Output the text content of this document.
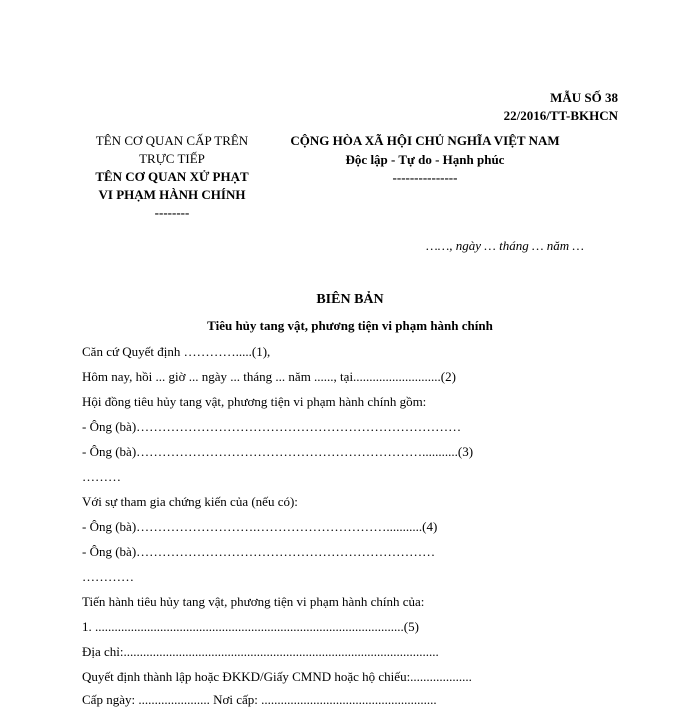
MẪU SỐ 38
22/2016/TT-BKHCN
TÊN CƠ QUAN CẤP TRÊN
TRỰC TIẾP
TÊN CƠ QUAN XỬ PHẠT
VI PHẠM HÀNH CHÍNH
--------
CỘNG HÒA XÃ HỘI CHỦ NGHĨA VIỆT NAM
Độc lập - Tự do - Hạnh phúc
---------------
……, ngày … tháng … năm …
BIÊN BẢN
Tiêu hủy tang vật, phương tiện vi phạm hành chính
Căn cứ Quyết định ………….....(1),
Hôm nay, hồi ... giờ ... ngày ... tháng ... năm ......, tại...........................(2)
Hội đồng tiêu hủy tang vật, phương tiện vi phạm hành chính gồm:
- Ông (bà)…………………………………………………………………
- Ông (bà)…………………………………………………………...........(3)
………
Với sự tham gia chứng kiến của (nếu có):
- Ông (bà)……………………….…………………………...........(4)
- Ông (bà)……………………………………………………………
…………
Tiến hành tiêu hủy tang vật, phương tiện vi phạm hành chính của:
1. ...............................................................................................(5)
Địa chỉ:.................................................................................................
Quyết định thành lập hoặc ĐKKD/Giấy CMND hoặc hộ chiếu:...................
Cấp ngày: ...................... Nơi cấp: ......................................................
